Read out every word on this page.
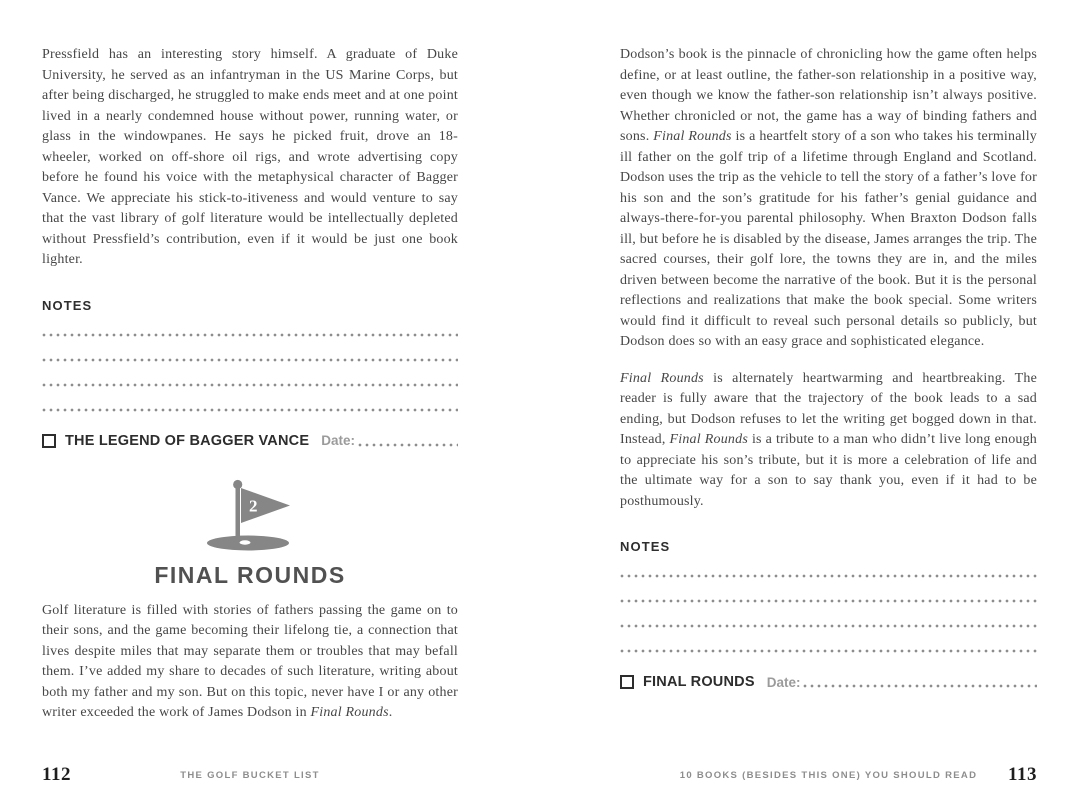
Pressfield has an interesting story himself. A graduate of Duke University, he served as an infantryman in the US Marine Corps, but after being discharged, he struggled to make ends meet and at one point lived in a nearly condemned house without power, running water, or glass in the windowpanes. He says he picked fruit, drove an 18-wheeler, worked on off-shore oil rigs, and wrote advertising copy before he found his voice with the metaphysical character of Bagger Vance. We appreciate his stick-to-itiveness and would venture to say that the vast library of golf literature would be intellectually depleted without Pressfield’s contribution, even if it would be just one book lighter.

NOTES
THE LEGEND OF BAGGER VANCE Date:
2
FINAL ROUNDS

Golf literature is filled with stories of fathers passing the game on to their sons, and the game becoming their lifelong tie, a connection that lives despite miles that may separate them or troubles that may befall them. I’ve added my share to decades of such literature, writing about both my father and my son. But on this topic, never have I or any other writer exceeded the work of James Dodson in Final Rounds.

112	THE GOLF BUCKET LIST

Dodson’s book is the pinnacle of chronicling how the game often helps define, or at least outline, the father-son relationship in a positive way, even though we know the father-son relationship isn’t always positive. Whether chronicled or not, the game has a way of binding fathers and sons. Final Rounds is a heartfelt story of a son who takes his terminally ill father on the golf trip of a lifetime through England and Scotland. Dodson uses the trip as the vehicle to tell the story of a father’s love for his son and the son’s gratitude for his father’s genial guidance and always-there-for-you parental philosophy. When Braxton Dodson falls ill, but before he is disabled by the disease, James arranges the trip. The sacred courses, their golf lore, the towns they are in, and the miles driven between become the narrative of the book. But it is the personal reflections and realizations that make the book special. Some writers would find it difficult to reveal such personal details so publicly, but Dodson does so with an easy grace and sophisticated elegance.

Final Rounds is alternately heartwarming and heartbreaking. The reader is fully aware that the trajectory of the book leads to a sad ending, but Dodson refuses to let the writing get bogged down in that. Instead, Final Rounds is a tribute to a man who didn’t live long enough to appreciate his son’s tribute, but it is more a celebration of life and the ultimate way for a son to say thank you, even if it had to be posthumously.

NOTES
FINAL ROUNDS Date:
113
10 BOOKS (BESIDES THIS ONE) YOU SHOULD READ
